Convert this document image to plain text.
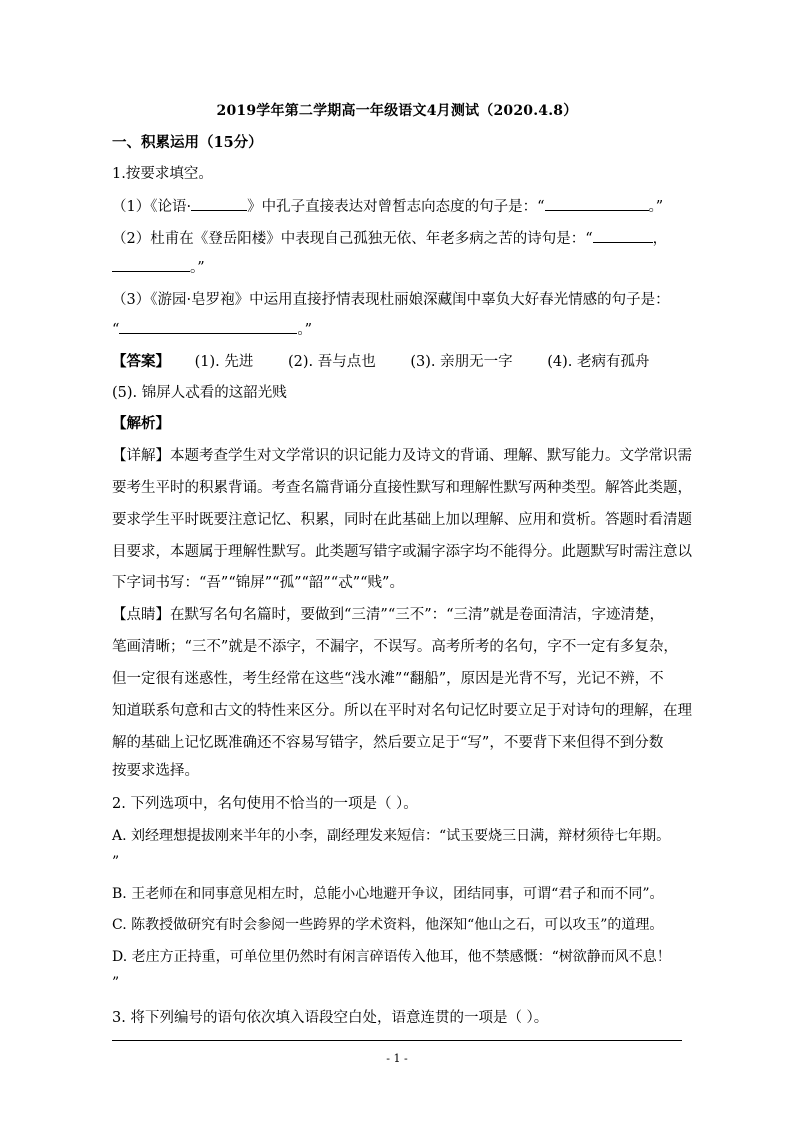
2019学年第二学期高一年级语文4月测试（2020.4.8）
一、积累运用（15分）
1.按要求填空。
（1）《论语·	》中孔子直接表达对曾皙志向态度的句子是：“	。”
（2）杜甫在《登岳阳楼》中表现自己孤独无依、年老多病之苦的诗句是：“	，
。”
（3）《游园·皂罗袍》中运用直接抒情表现杜丽娘深藏闺中辜负大好春光情感的句子是：
“	。”
【答案】 (1). 先进 (2). 吾与点也 (3). 亲朋无一字 (4). 老病有孤舟
(5). 锦屏人忒看的这韶光贱
【解析】
【详解】本题考查学生对文学常识的识记能力及诗文的背诵、理解、默写能力。文学常识需
要考生平时的积累背诵。考查名篇背诵分直接性默写和理解性默写两种类型。解答此类题，
要求学生平时既要注意记忆、积累，同时在此基础上加以理解、应用和赏析。答题时看清题
目要求，本题属于理解性默写。此类题写错字或漏字添字均不能得分。此题默写时需注意以
下字词书写：“吾”“锦屏”“孤”“韶”“忒”“贱”。
【点睛】在默写名句名篇时，要做到“三清”“三不”：“三清”就是卷面清洁，字迹清楚，
笔画清晰；“三不”就是不添字，不漏字，不误写。高考所考的名句，字不一定有多复杂，
但一定很有迷惑性，考生经常在这些“浅水滩”“翻船”，原因是光背不写，光记不辨，不
知道联系句意和古文的特性来区分。所以在平时对名句记忆时要立足于对诗句的理解，在理
解的基础上记忆既准确还不容易写错字，然后要立足于“写”，不要背下来但得不到分数
按要求选择。
2. 下列选项中，名句使用不恰当的一项是（ ）。
A. 刘经理想提拔刚来半年的小李，副经理发来短信：“试玉要烧三日满，辩材须待七年期。
”
B. 王老师在和同事意见相左时，总能小心地避开争议，团结同事，可谓“君子和而不同”。
C. 陈教授做研究有时会参阅一些跨界的学术资料，他深知“他山之石，可以攻玉”的道理。
D. 老庄方正持重，可单位里仍然时有闲言碎语传入他耳，他不禁感慨：“树欲静而风不息！
”
3. 将下列编号的语句依次填入语段空白处，语意连贯的一项是（ ）。
- 1 -
